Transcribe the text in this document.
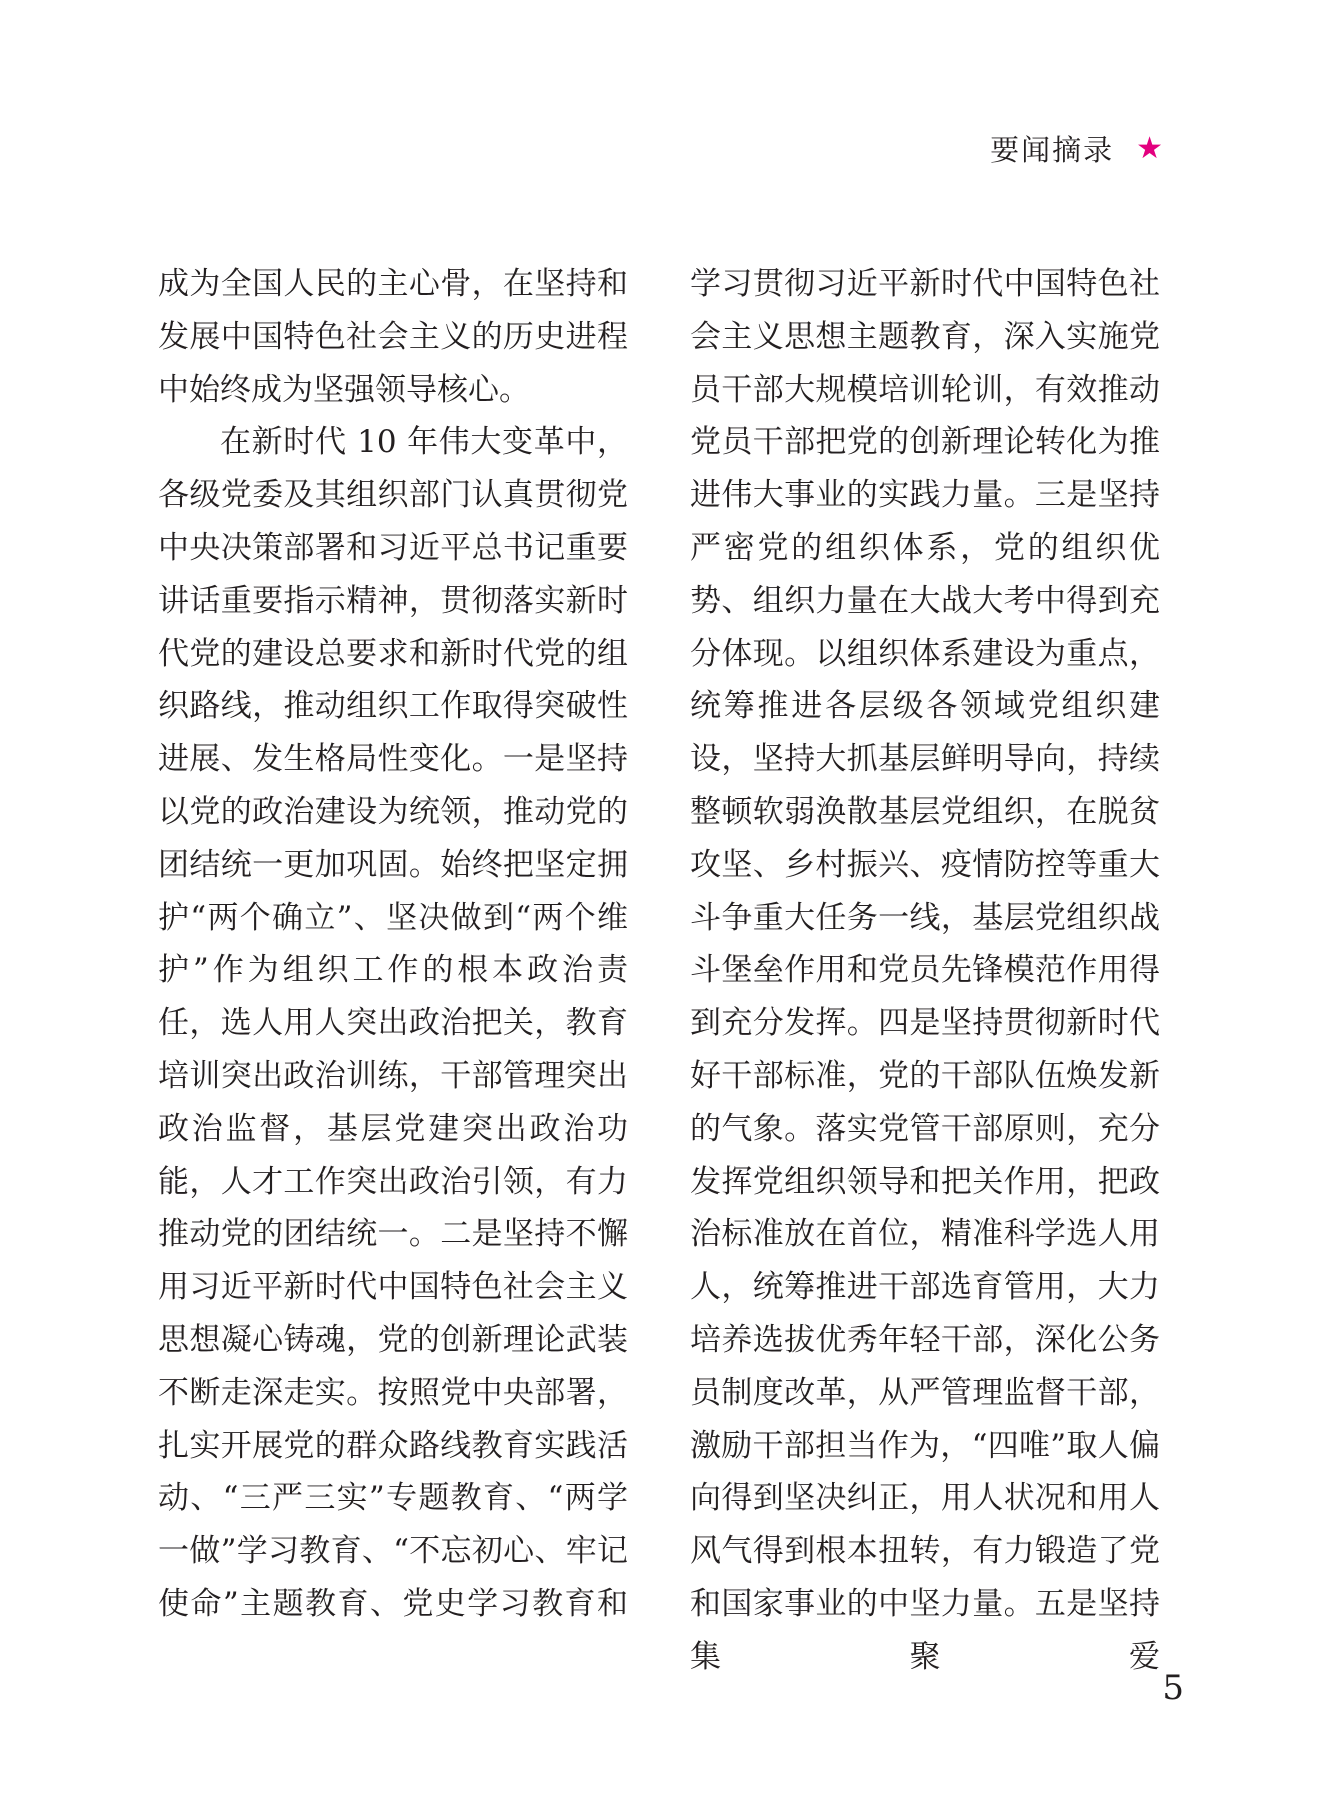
要闻摘录 ★

成为全国人民的主心骨，在坚持和发展中国特色社会主义的历史进程中始终成为坚强领导核心。

在新时代 10 年伟大变革中，各级党委及其组织部门认真贯彻党中央决策部署和习近平总书记重要讲话重要指示精神，贯彻落实新时代党的建设总要求和新时代党的组织路线，推动组织工作取得突破性进展、发生格局性变化。一是坚持以党的政治建设为统领，推动党的团结统一更加巩固。始终把坚定拥护“两个确立”、坚决做到“两个维护”作为组织工作的根本政治责任，选人用人突出政治把关，教育培训突出政治训练，干部管理突出政治监督，基层党建突出政治功能，人才工作突出政治引领，有力推动党的团结统一。二是坚持不懈用习近平新时代中国特色社会主义思想凝心铸魂，党的创新理论武装不断走深走实。按照党中央部署，扎实开展党的群众路线教育实践活动、“三严三实”专题教育、“两学一做”学习教育、“不忘初心、牢记使命”主题教育、党史学习教育和

学习贯彻习近平新时代中国特色社会主义思想主题教育，深入实施党员干部大规模培训轮训，有效推动党员干部把党的创新理论转化为推进伟大事业的实践力量。三是坚持严密党的组织体系，党的组织优势、组织力量在大战大考中得到充分体现。以组织体系建设为重点，统筹推进各层级各领域党组织建设，坚持大抓基层鲜明导向，持续整顿软弱涣散基层党组织，在脱贫攻坚、乡村振兴、疫情防控等重大斗争重大任务一线，基层党组织战斗堡垒作用和党员先锋模范作用得到充分发挥。四是坚持贯彻新时代好干部标准，党的干部队伍焕发新的气象。落实党管干部原则，充分发挥党组织领导和把关作用，把政治标准放在首位，精准科学选人用人，统筹推进干部选育管用，大力培养选拔优秀年轻干部，深化公务员制度改革，从严管理监督干部，激励干部担当作为，“四唯”取人偏向得到坚决纠正，用人状况和用人风气得到根本扭转，有力锻造了党和国家事业的中坚力量。五是坚持集聚爱

5
